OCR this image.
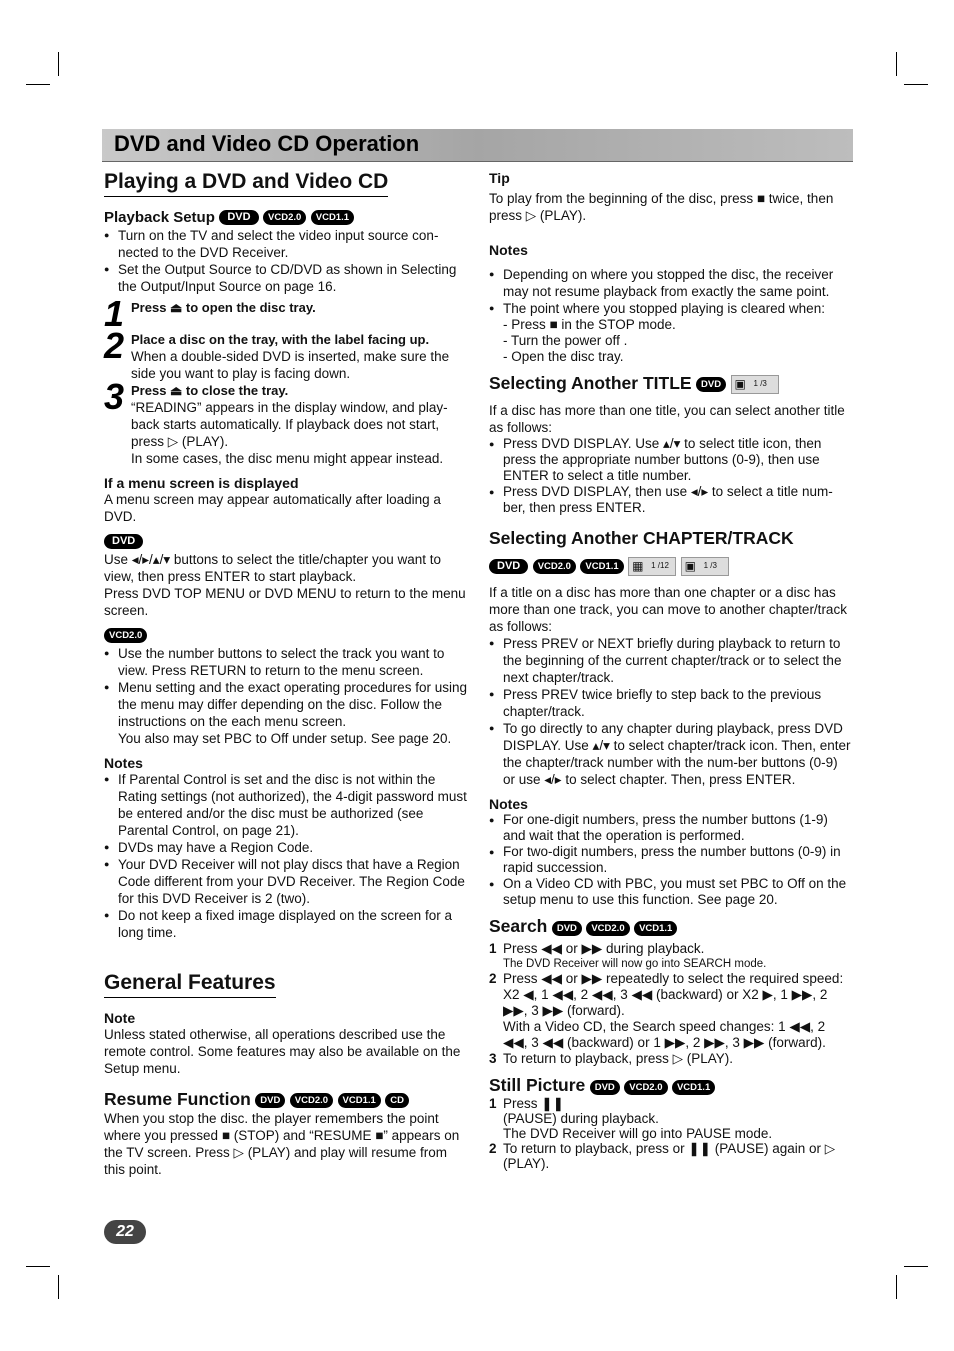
DVD and Video CD Operation
Playing a DVD and Video CD
Playback Setup DVD VCD2.0 VCD1.1
● Turn on the TV and select the video input source con-nected to the DVD Receiver.
● Set the Output Source to CD/DVD as shown in Selecting the Output/Input Source on page 16.
1 Press ⏏ to open the disc tray.
2 Place a disc on the tray, with the label facing up.

When a double-sided DVD is inserted, make sure the side you want to play is facing down.

3 Press ⏏ to close the tray.

“READING” appears in the display window, and play-back starts automatically. If playback does not start, press ▷ (PLAY).

In some cases, the disc menu might appear instead.

If a menu screen is displayed

A menu screen may appear automatically after loading a DVD.

DVD

Use ◂/▸/▴/▾ buttons to select the title/chapter you want to view, then press ENTER to start playback.

Press DVD TOP MENU or DVD MENU to return to the menu screen.

VCD2.0
● Use the number buttons to select the track you want to view. Press RETURN to return to the menu screen.
● Menu setting and the exact operating procedures for using the menu may differ depending on the disc. Follow the instructions on the each menu screen.

You also may set PBC to Off under setup. See page 20.

Notes
● If Parental Control is set and the disc is not within the Rating settings (not authorized), the 4-digit password must be entered and/or the disc must be authorized (see Parental Control, on page 21).
● DVDs may have a Region Code.
● Your DVD Receiver will not play discs that have a Region Code different from your DVD Receiver. The Region Code for this DVD Receiver is 2 (two).
● Do not keep a fixed image displayed on the screen for a long time.
General Features
Note

Unless stated otherwise, all operations described use the remote control. Some features may also be available on the Setup menu.

Resume Function DVD VCD2.0 VCD1.1 CD

When you stop the disc. the player remembers the point where you pressed ■ (STOP) and “RESUME ■” appears on the TV screen. Press ▷ (PLAY) and play will resume from this point.

Tip

To play from the beginning of the disc, press ■ twice, then press ▷ (PLAY).

Notes
● Depending on where you stopped the disc, the receiver may not resume playback from exactly the same point.
● The point where you stopped playing is cleared when:

- Press ■ in the STOP mode.

- Turn the power off .

- Open the disc tray.

Selecting Another TITLE DVD ▣ 1 /3

If a disc has more than one title, you can select another title as follows:

● Press DVD DISPLAY. Use ▴/▾ to select title icon, then press the appropriate number buttons (0-9), then use ENTER to select a title number.
● Press DVD DISPLAY, then use ◂/▸ to select a title num-ber, then press ENTER.
Selecting Another CHAPTER/TRACK
DVD VCD2.0 VCD1.1 ▦ 1 /12
▣ 1 /3

If a title on a disc has more than one chapter or a disc has more than one track, you can move to another chapter/track as follows:

● Press PREV or NEXT briefly during playback to return to the beginning of the current chapter/track or to select the next chapter/track.
● Press PREV twice briefly to step back to the previous chapter/track.
● To go directly to any chapter during playback, press DVD DISPLAY. Use ▴/▾ to select chapter/track icon. Then, enter the chapter/track number with the num-ber buttons (0-9) or use ◂/▸ to select chapter. Then, press ENTER.
Notes
● For one-digit numbers, press the number buttons (1-9) and wait that the operation is performed.
● For two-digit numbers, press the number buttons (0-9) in rapid succession.
● On a Video CD with PBC, you must set PBC to Off on the setup menu to use this function. See page 20.
Search DVD VCD2.0 VCD1.1
1 Press ◀◀ or ▶▶ during playback.
The DVD Receiver will now go into SEARCH mode.
2 Press ◀◀ or ▶▶ repeatedly to select the required speed: X2 ◀, 1 ◀◀, 2 ◀◀, 3 ◀◀ (backward) or X2 ▶, 1 ▶▶, 2 ▶▶, 3 ▶▶ (forward).
With a Video CD, the Search speed changes: 1 ◀◀, 2 ◀◀, 3 ◀◀ (backward) or 1 ▶▶, 2 ▶▶, 3 ▶▶ (forward).
3 To return to playback, press ▷ (PLAY).
Still Picture DVD VCD2.0 VCD1.1
1 Press ❚❚
(PAUSE) during playback.
The DVD Receiver will go into PAUSE mode.
2 To return to playback, press or ❚❚ (PAUSE) again or ▷ (PLAY).
22
